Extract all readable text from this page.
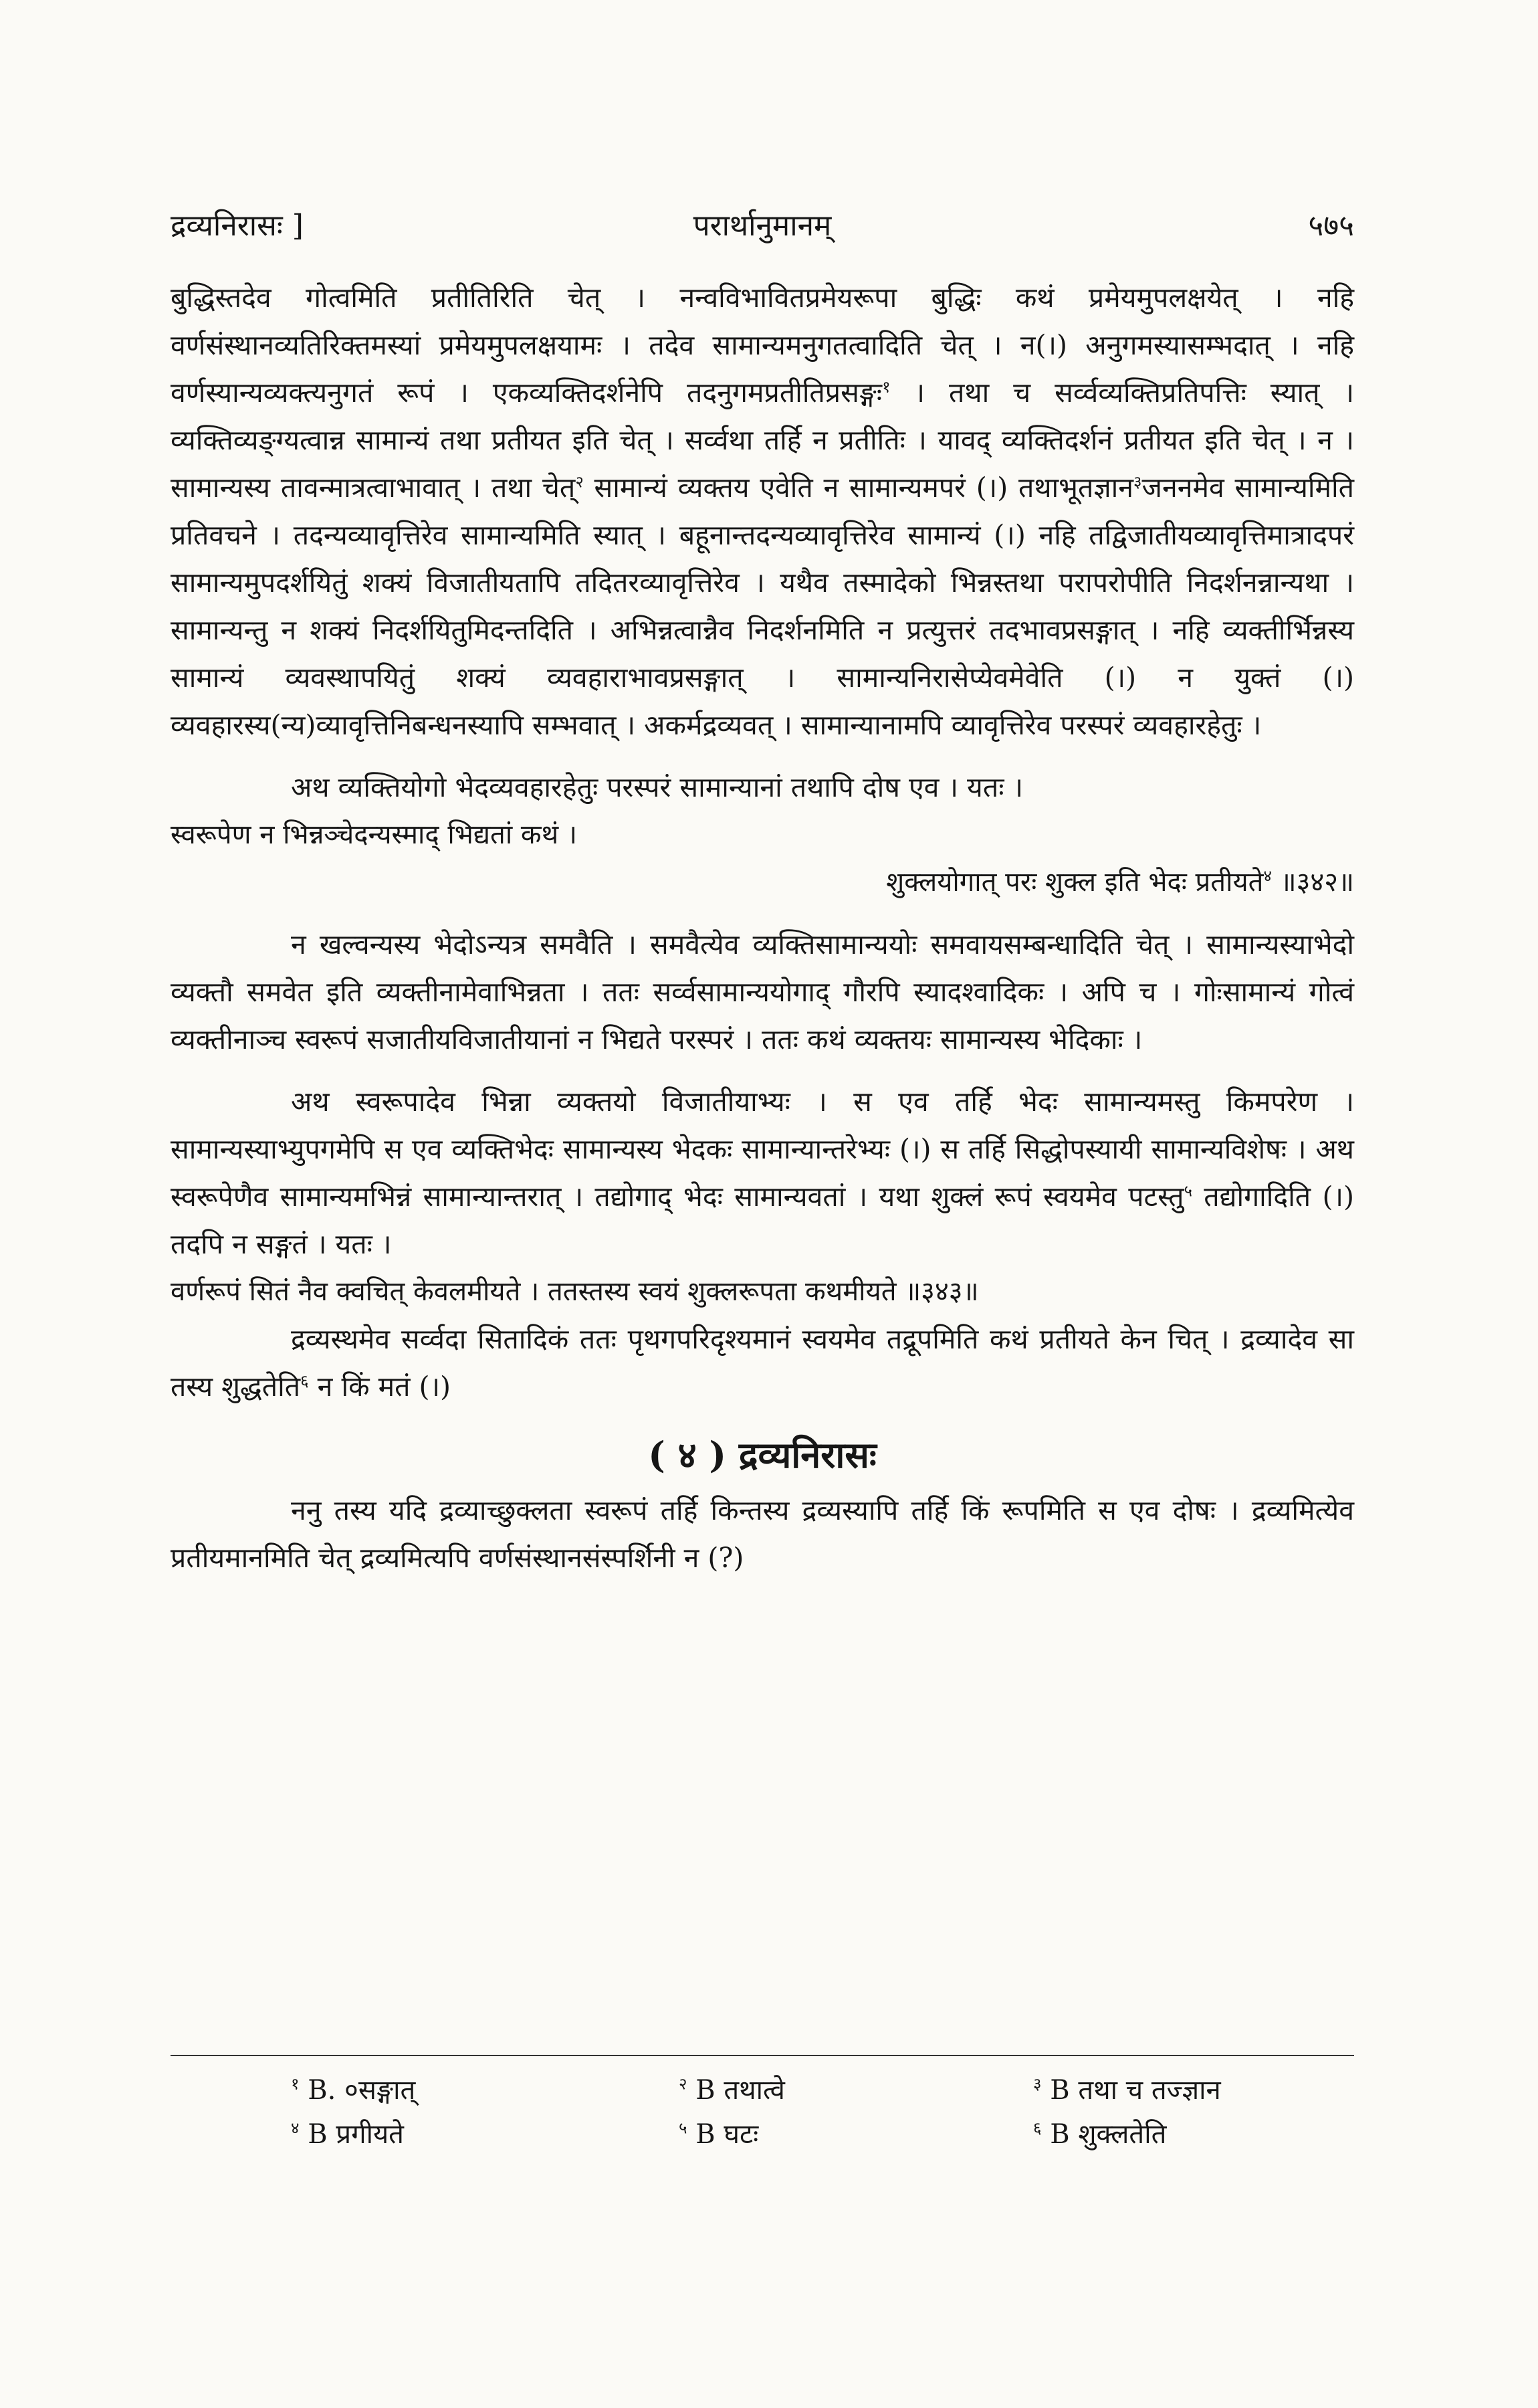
द्रव्यनिरासः ]	परार्थानुमानम्	५७५

बुद्धिस्तदेव गोत्वमिति प्रतीतिरिति चेत् । नन्वविभावितप्रमेयरूपा बुद्धिः कथं प्रमेयमुपलक्षयेत् । नहि वर्णसंस्थानव्यतिरिक्तमस्यां प्रमेयमुपलक्षयामः । तदेव सामान्यमनुगतत्वादिति चेत् । न(।) अनुगमस्यासम्भदात् । नहि वर्णस्यान्यव्यक्त्यनुगतं रूपं । एकव्यक्तिदर्शनेपि तदनुगमप्रतीतिप्रसङ्गः$^१$ । तथा च सर्व्वव्यक्तिप्रतिपत्तिः स्यात् । व्यक्तिव्यङ्ग्यत्वान्न सामान्यं तथा प्रतीयत इति चेत् । सर्व्वथा तर्हि न प्रतीतिः । यावद् व्यक्तिदर्शनं प्रतीयत इति चेत् । न । सामान्यस्य तावन्मात्रत्वाभावात् । तथा चेत्$^२$ सामान्यं व्यक्तय एवेति न सामान्यमपरं (।) तथाभूतज्ञान$^३$जननमेव सामान्यमिति प्रतिवचने । तदन्यव्यावृत्तिरेव सामान्यमिति स्यात् । बहूनान्तदन्यव्यावृत्तिरेव सामान्यं (।) नहि तद्विजातीयव्यावृत्तिमात्रादपरं सामान्यमुपदर्शयितुं शक्यं विजातीयतापि तदितरव्यावृत्तिरेव । यथैव तस्मादेको भिन्नस्तथा परापरोपीति निदर्शनन्नान्यथा । सामान्यन्तु न शक्यं निदर्शयितुमिदन्तदिति । अभिन्नत्वान्नैव निदर्शनमिति न प्रत्युत्तरं तदभावप्रसङ्गात् । नहि व्यक्तीर्भिन्नस्य सामान्यं व्यवस्थापयितुं शक्यं व्यवहाराभावप्रसङ्गात् । सामान्यनिरासेप्येवमेवेति (।) न युक्तं (।) व्यवहारस्य(न्य)व्यावृत्तिनिबन्धनस्यापि सम्भवात् । अकर्मद्रव्यवत् । सामान्यानामपि व्यावृत्तिरेव परस्परं व्यवहारहेतुः ।

अथ व्यक्तियोगो भेदव्यवहारहेतुः परस्परं सामान्यानां तथापि दोष एव । यतः ।

स्वरूपेण न भिन्नञ्चेदन्यस्माद् भिद्यतां कथं ।

शुक्लयोगात् परः शुक्ल इति भेदः प्रतीयते$^४$ ॥३४२॥

न खल्वन्यस्य भेदोऽन्यत्र समवैति । समवैत्येव व्यक्तिसामान्ययोः समवायसम्बन्धादिति चेत् । सामान्यस्याभेदो व्यक्तौ समवेत इति व्यक्तीनामेवाभिन्नता । ततः सर्व्वसामान्ययोगाद् गौरपि स्यादश्वादिकः । अपि च । गोःसामान्यं गोत्वं व्यक्तीनाञ्च स्वरूपं सजातीयविजातीयानां न भिद्यते परस्परं । ततः कथं व्यक्तयः सामान्यस्य भेदिकाः ।

अथ स्वरूपादेव भिन्ना व्यक्तयो विजातीयाभ्यः । स एव तर्हि भेदः सामान्यमस्तु किमपरेण । सामान्यस्याभ्युपगमेपि स एव व्यक्तिभेदः सामान्यस्य भेदकः सामान्यान्तरेभ्यः (।) स तर्हि सिद्धोपस्यायी सामान्यविशेषः । अथ स्वरूपेणैव सामान्यमभिन्नं सामान्यान्तरात् । तद्योगाद् भेदः सामान्यवतां । यथा शुक्लं रूपं स्वयमेव पटस्तु$^५$ तद्योगादिति (।) तदपि न सङ्गतं । यतः ।

वर्णरूपं सितं नैव क्वचित् केवलमीयते । ततस्तस्य स्वयं शुक्लरूपता कथमीयते ॥३४३॥

द्रव्यस्थमेव सर्व्वदा सितादिकं ततः पृथगपरिदृश्यमानं स्वयमेव तद्रूपमिति कथं प्रतीयते केन चित् । द्रव्यादेव सा तस्य शुद्धतेति$^६$ न किं मतं (।)

( ४ ) द्रव्यनिरासः

ननु तस्य यदि द्रव्याच्छुक्लता स्वरूपं तर्हि किन्तस्य द्रव्यस्यापि तर्हि किं रूपमिति स एव दोषः । द्रव्यमित्येव प्रतीयमानमिति चेत् द्रव्यमित्यपि वर्णसंस्थानसंस्पर्शिनी न (?)

$^१$ B. ०सङ्गात्	$^२$ B तथात्वे	$^३$ B तथा च तज्ज्ञान
$^४$ B प्रगीयते	$^५$ B घटः	$^६$ B शुक्लतेति
